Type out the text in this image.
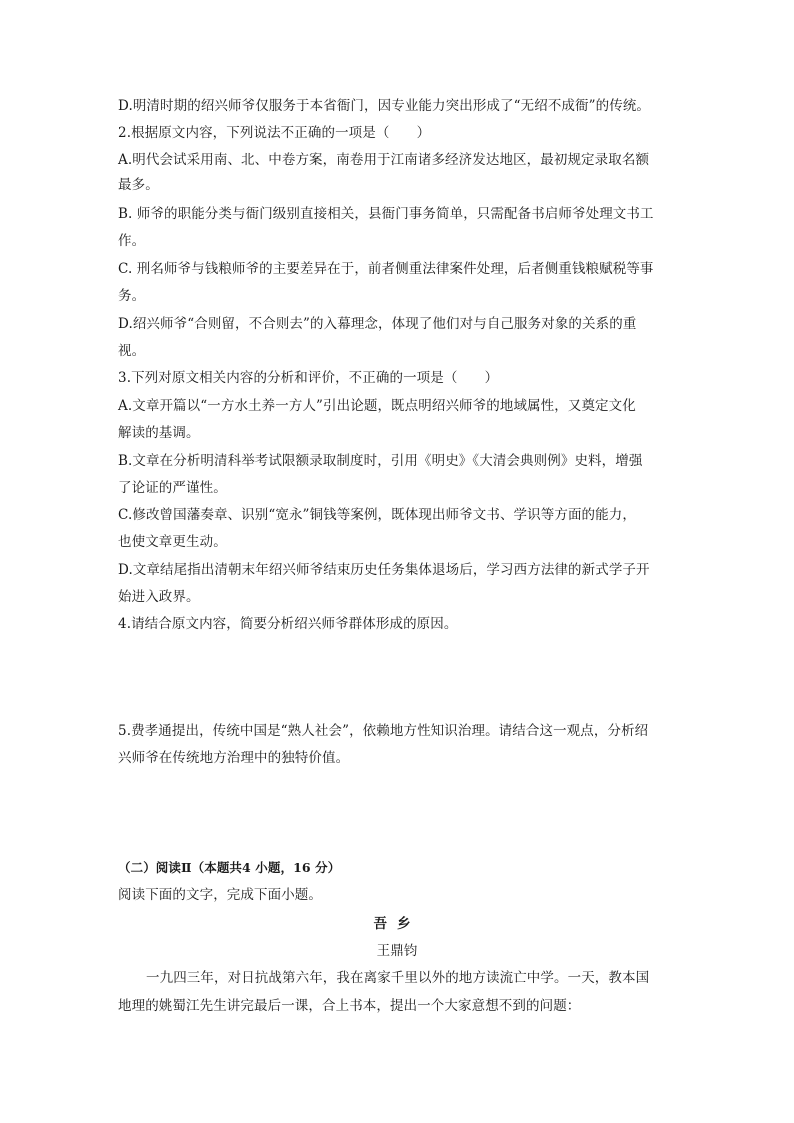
D.明清时期的绍兴师爷仅服务于本省衙门，因专业能力突出形成了“无绍不成衙”的传统。
2.根据原文内容，下列说法不正确的一项是（　　）
A.明代会试采用南、北、中卷方案，南卷用于江南诸多经济发达地区，最初规定录取名额
最多。
B. 师爷的职能分类与衙门级别直接相关，县衙门事务简单，只需配备书启师爷处理文书工
作。
C. 刑名师爷与钱粮师爷的主要差异在于，前者侧重法律案件处理，后者侧重钱粮赋税等事
务。
D.绍兴师爷“合则留，不合则去”的入幕理念，体现了他们对与自己服务对象的关系的重
视。
3.下列对原文相关内容的分析和评价，不正确的一项是（　　）
A.文章开篇以“一方水土养一方人”引出论题，既点明绍兴师爷的地域属性，又奠定文化
解读的基调。
B.文章在分析明清科举考试限额录取制度时，引用《明史》《大清会典则例》史料，增强
了论证的严谨性。
C.修改曾国藩奏章、识别“宽永”铜钱等案例，既体现出师爷文书、学识等方面的能力，
也使文章更生动。
D.文章结尾指出清朝末年绍兴师爷结束历史任务集体退场后，学习西方法律的新式学子开
始进入政界。
4.请结合原文内容，简要分析绍兴师爷群体形成的原因。
5.费孝通提出，传统中国是“熟人社会”，依赖地方性知识治理。请结合这一观点，分析绍
兴师爷在传统地方治理中的独特价值。
（二）阅读Ⅱ（本题共4 小题，16 分）
阅读下面的文字，完成下面小题。
吾乡
王鼎钧
一九四三年，对日抗战第六年，我在离家千里以外的地方读流亡中学。一天，教本国
地理的姚蜀江先生讲完最后一课，合上书本，提出一个大家意想不到的问题：
